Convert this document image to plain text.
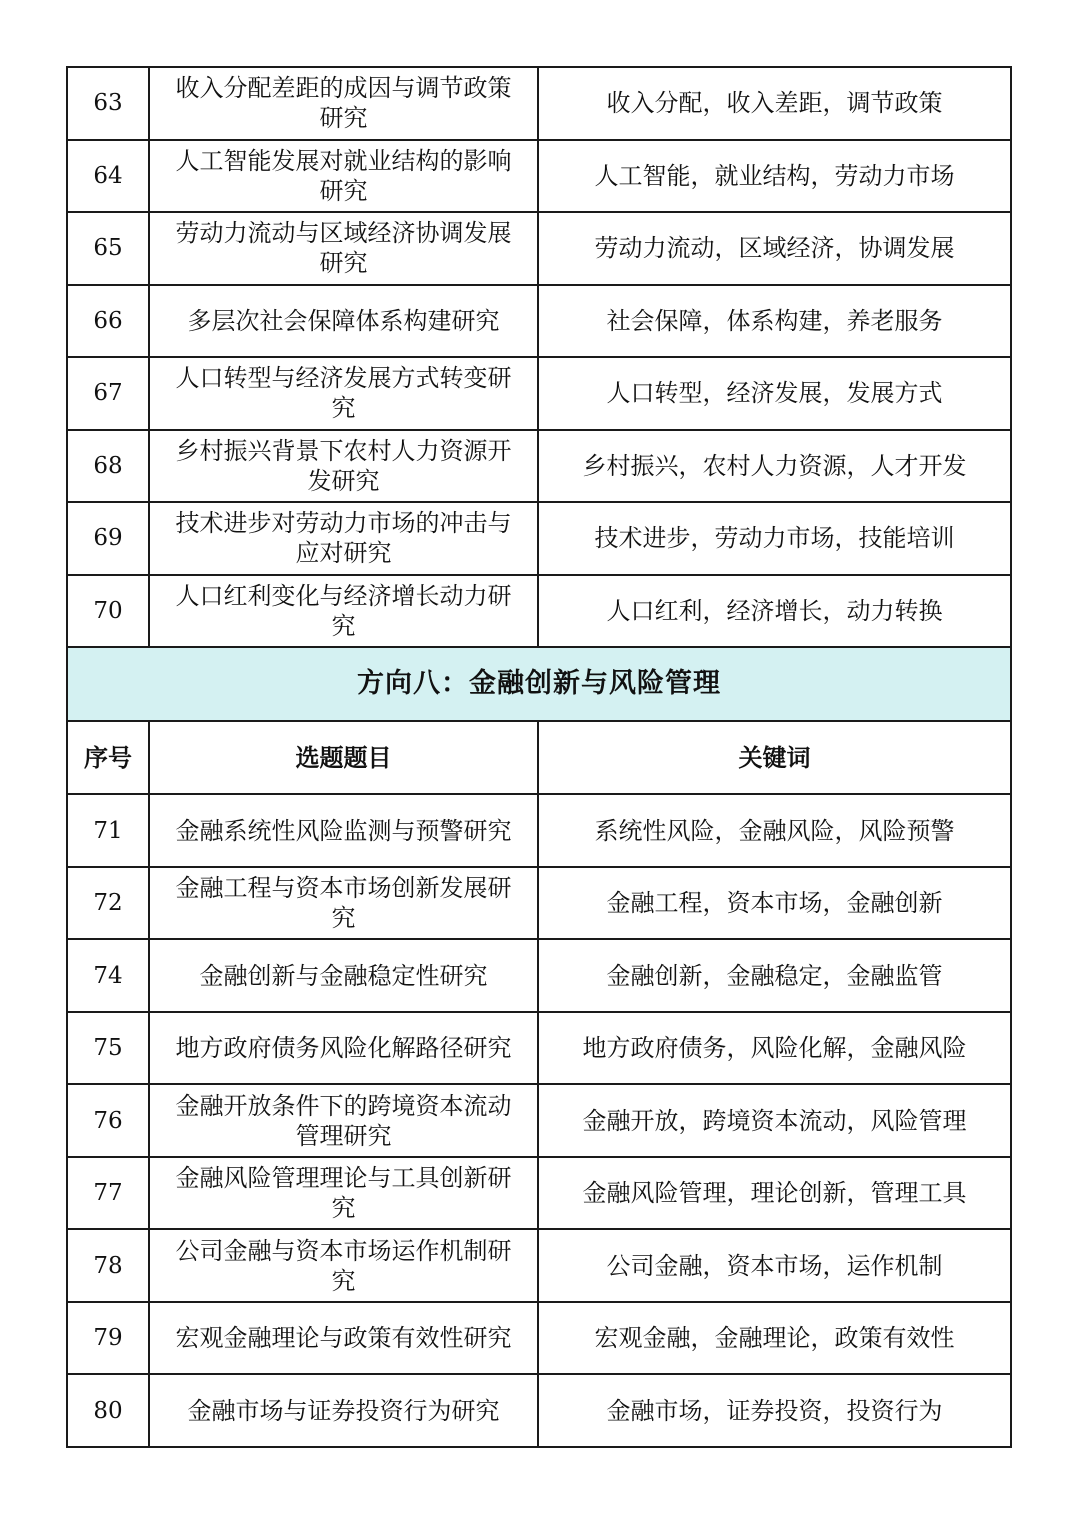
63	收入分配差距的成因与调节政策研究	收入分配，收入差距，调节政策
64	人工智能发展对就业结构的影响研究	人工智能，就业结构，劳动力市场
65	劳动力流动与区域经济协调发展研究	劳动力流动，区域经济，协调发展
66	多层次社会保障体系构建研究	社会保障，体系构建，养老服务
67	人口转型与经济发展方式转变研究	人口转型，经济发展，发展方式
68	乡村振兴背景下农村人力资源开发研究	乡村振兴，农村人力资源，人才开发
69	技术进步对劳动力市场的冲击与应对研究	技术进步，劳动力市场，技能培训
70	人口红利变化与经济增长动力研究	人口红利，经济增长，动力转换
方向八：金融创新与风险管理		
序号	选题题目	关键词
71	金融系统性风险监测与预警研究	系统性风险，金融风险，风险预警
72	金融工程与资本市场创新发展研究	金融工程，资本市场，金融创新
74	金融创新与金融稳定性研究	金融创新，金融稳定，金融监管
75	地方政府债务风险化解路径研究	地方政府债务，风险化解，金融风险
76	金融开放条件下的跨境资本流动管理研究	金融开放，跨境资本流动，风险管理
77	金融风险管理理论与工具创新研究	金融风险管理，理论创新，管理工具
78	公司金融与资本市场运作机制研究	公司金融，资本市场，运作机制
79	宏观金融理论与政策有效性研究	宏观金融，金融理论，政策有效性
80	金融市场与证券投资行为研究	金融市场，证券投资，投资行为
